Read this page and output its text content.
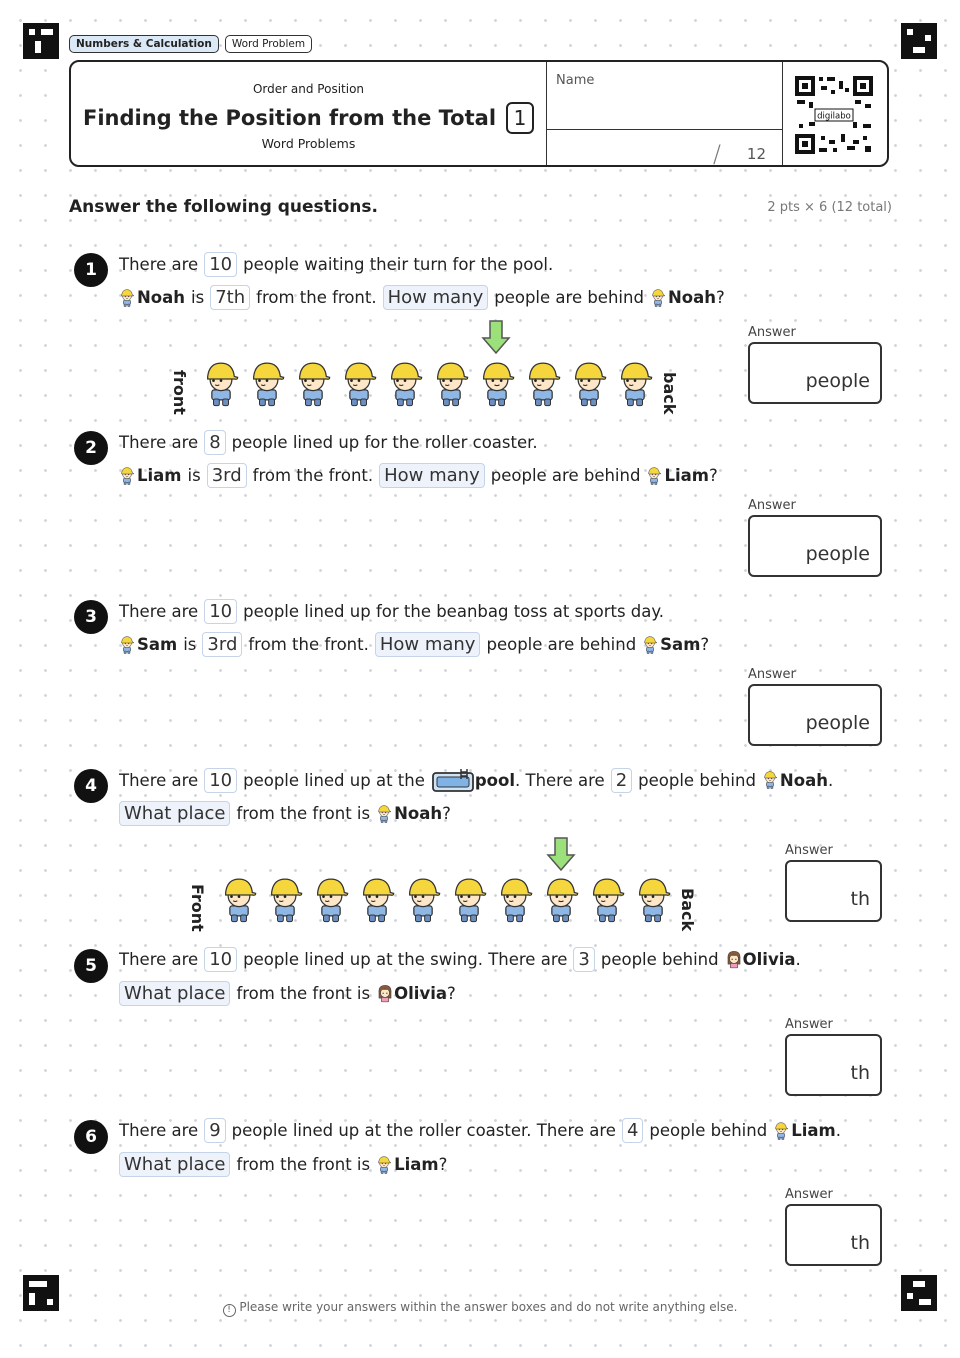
Numbers & Calculation	Word Problem
Order and Position
Finding the Position from the Total 1
Word Problems
Name
/ 12
digilabo
Answer the following questions.	2 pts × 6 (12 total)
1	There are 10 people waiting their turn for the pool.
Noah is 7th from the front. How many people are behind Noah ?
Answer
people
front	back
2	There are 8 people lined up for the roller coaster.
Liam is 3rd from the front. How many people are behind Liam ?
Answer
people
3	There are 10 people lined up for the beanbag toss at sports day.
Sam is 3rd from the front. How many people are behind Sam ?
Answer
people
4	There are 10 people lined up at the	pool . There are 2 people behind Noah .
What place from the front is Noah ?
Answer
th
Front	Back
5	There are 10 people lined up at the swing. There are 3 people behind Olivia .
What place from the front is Olivia ?
Answer
th
6	There are 9 people lined up at the roller coaster. There are 4 people behind Liam .
What place from the front is Liam ?
Answer
th
! Please write your answers within the answer boxes and do not write anything else.
